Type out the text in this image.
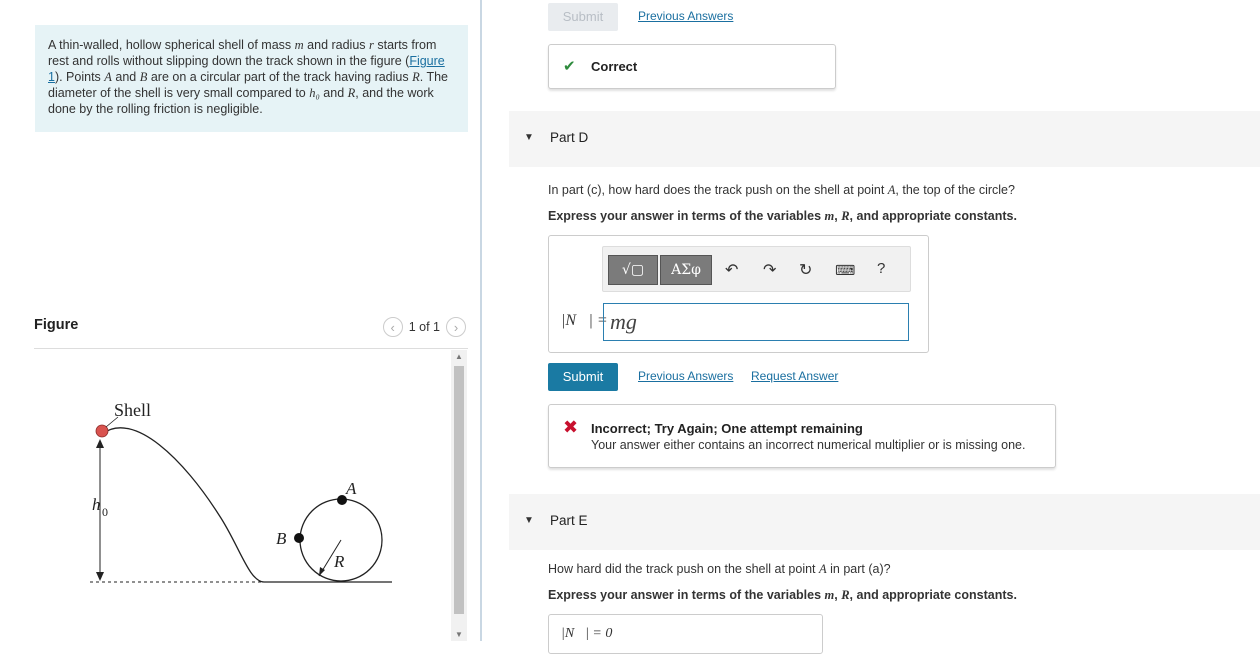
A thin-walled, hollow spherical shell of mass m and radius r starts from rest and rolls without slipping down the track shown in the figure (Figure 1). Points A and B are on a circular part of the track having radius R. The diameter of the shell is very small compared to h₀ and R, and the work done by the rolling friction is negligible.
Figure	‹	1 of 1	›
Shell
h 0
A
B
R
▲
▼
Submit	Previous Answers
✔ Correct
▼ Part D
In part (c), how hard does the track push on the shell at point A, the top of the circle?
Express your answer in terms of the variables m, R, and appropriate constants.
√▢	ΑΣφ	↶ ↷ ↻ ⌨ ?
|N⃗| = mg
Submit	Previous Answers Request Answer
✖ Incorrect; Try Again; One attempt remaining
Your answer either contains an incorrect numerical multiplier or is missing one.
▼ Part E
How hard did the track push on the shell at point A in part (a)?
Express your answer in terms of the variables m, R, and appropriate constants.
|N⃗| = 0
